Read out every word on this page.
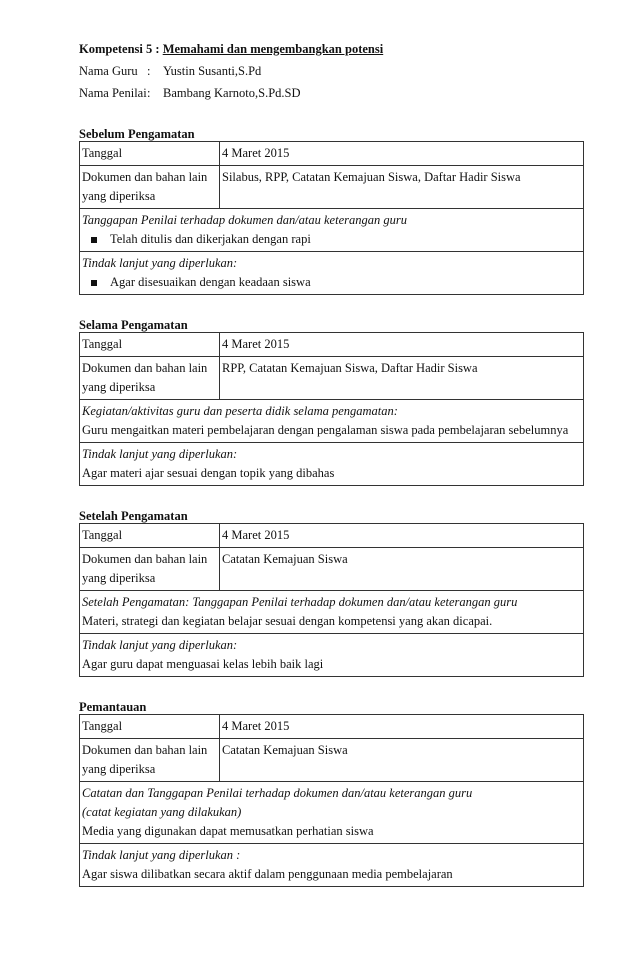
Kompetensi 5 :
Memahami dan mengembangkan potensi
Nama Guru :	Yustin Susanti,S.Pd
Nama Penilai :	Bambang Karnoto,S.Pd.SD
Sebelum Pengamatan
Tanggal	4 Maret 2015
Dokumen dan bahan lain
yang diperiksa	Silabus, RPP, Catatan Kemajuan Siswa, Daftar Hadir Siswa

Tanggapan Penilai terhadap dokumen dan/atau keterangan guru
Telah ditulis dan dikerjakan dengan rapi	

Tindak lanjut yang diperlukan:
Agar disesuaikan dengan keadaan siswa	
Selama Pengamatan
Tanggal	4 Maret 2015
Dokumen dan bahan lain
yang diperiksa	RPP, Catatan Kemajuan Siswa, Daftar Hadir Siswa

Kegiatan/aktivitas guru dan peserta didik selama pengamatan:
Guru mengaitkan materi pembelajaran dengan pengalaman siswa pada pembelajaran sebelumnya	

Tindak lanjut yang diperlukan:
Agar materi ajar sesuai dengan topik yang dibahas	
Setelah Pengamatan
Tanggal	4 Maret 2015
Dokumen dan bahan lain
yang diperiksa	Catatan Kemajuan Siswa

Setelah Pengamatan: Tanggapan Penilai terhadap dokumen dan/atau keterangan guru
Materi, strategi dan kegiatan belajar sesuai dengan kompetensi yang akan dicapai.	

Tindak lanjut yang diperlukan:
Agar guru dapat menguasai kelas lebih baik lagi	
Pemantauan
Tanggal	4 Maret 2015
Dokumen dan bahan lain
yang diperiksa	Catatan Kemajuan Siswa

Catatan dan Tanggapan Penilai terhadap dokumen dan/atau keterangan guru
(catat kegiatan yang dilakukan)
Media yang digunakan dapat memusatkan perhatian siswa	

Tindak lanjut yang diperlukan :
Agar siswa dilibatkan secara aktif dalam penggunaan media pembelajaran	
